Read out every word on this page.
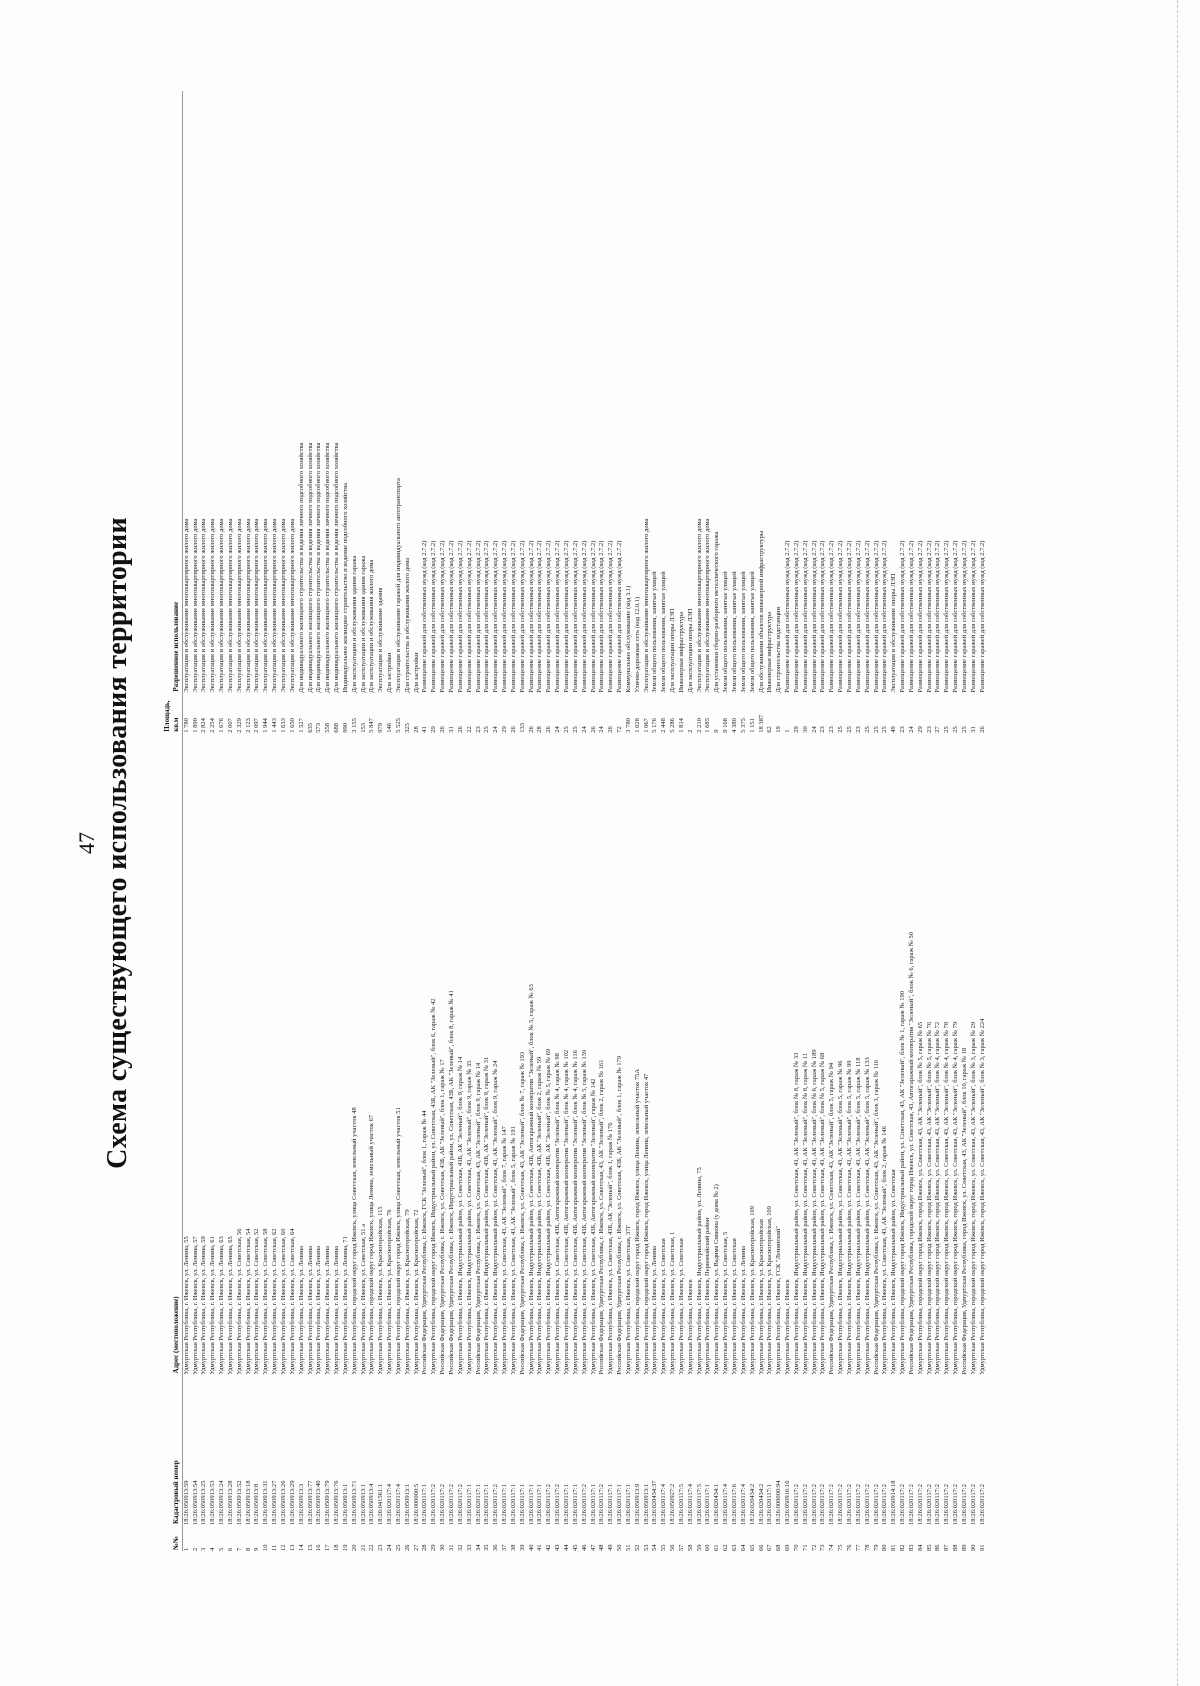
47 Схема существующего использования территории
№№	Кадастровый номер	Адрес (местоположение)	Площадь, кв.м	Разрешенное использование
1	18:26:050913:59	Удмуртская Республика, г. Ижевск, ул. Ленина, 55	1 780	Эксплуатация и обслуживание многоквартирного жилого дома
2	18:26:050913:54	Удмуртская Республика, г. Ижевск, ул. Ленина, 57	1 890	Эксплуатация и обслуживание многоквартирного жилого дома
3	18:26:050913:25	Удмуртская Республика, г. Ижевск, ул. Ленина, 59	2 824	Эксплуатация и обслуживание многоквартирного жилого дома
4	18:26:050913:53	Удмуртская Республика, г. Ижевск, ул. Ленина, 61	2 254	Эксплуатация и обслуживание многоквартирного жилого дома
5	18:26:050913:24	Удмуртская Республика, г. Ижевск, ул. Ленина, 63	1 676	Эксплуатация и обслуживание многоквартирного жилого дома
6	18:26:050913:28	Удмуртская Республика, г. Ижевск, ул. Ленина, 65	2 007	Эксплуатация и обслуживание многоквартирного жилого дома
7	18:26:050913:52	Удмуртская Республика, г. Ижевск, ул. Советская, 56	2 329	Эксплуатация и обслуживание многоквартирного жилого дома
8	18:26:050913:18	Удмуртская Республика, г. Ижевск, ул. Советская, 54	2 123	Эксплуатация и обслуживание многоквартирного жилого дома
9	18:26:050913:8	Удмуртская Республика, г. Ижевск, ул. Советская, 52	2 097	Эксплуатация и обслуживание многоквартирного жилого дома
10	18:26:050913:31	Удмуртская Республика, г. Ижевск, ул. Советская, 58	1 944	Эксплуатация и обслуживание многоквартирного жилого дома
11	18:26:050913:27	Удмуртская Республика, г. Ижевск, ул. Советская, 62	1 443	Эксплуатация и обслуживание многоквартирного жилого дома
12	18:26:050913:26	Удмуртская Республика, г. Ижевск, ул. Советская, 60	1 633	Эксплуатация и обслуживание многоквартирного жилого дома
13	18:26:050913:29	Удмуртская Республика, г. Ижевск, ул. Советская, 64	1 650	Эксплуатация и обслуживание многоквартирного жилого дома
14	18:26:050913:3	Удмуртская Республика, г. Ижевск, ул. Ленина	1 527	Для индивидуального жилищного строительства и ведения личного подсобного хозяйства
15	18:26:050913:77	Удмуртская Республика, г. Ижевск, ул. Ленина	635	Для индивидуального жилищного строительства и ведения личного подсобного хозяйства
16	18:26:050913:40	Удмуртская Республика, г. Ижевск, ул. Ленина	573	Для индивидуального жилищного строительства и ведения личного подсобного хозяйства
17	18:26:050913:79	Удмуртская Республика, г. Ижевск, ул. Ленина	558	Для индивидуального жилищного строительства и ведения личного подсобного хозяйства
18	18:26:050913:76	Удмуртская Республика, г. Ижевск, ул. Ленина	688	Для индивидуального жилищного строительства и ведения личного подсобного хозяйства
19	18:26:050913:1	Удмуртская Республика, г. Ижевск, ул. Ленина, 71	990	Индивидуальное жилищное строительство и ведение подсобного хозяйства
20	18:26:050913:71	Удмуртская Республика, городской округ город Ижевск, улица Советская, земельный участок 48	3 155	Для эксплуатации и обслуживания здания гаража
21	18:26:050913:1	Удмуртская Республика, г. Ижевск, ул. Советская, 51 а	153	Для эксплуатации и обслуживания здания гаража
22	18:26:050913:4	Удмуртская Республика, городской округ город Ижевск, улица Ленина, земельный участок 67	5 847	Для эксплуатации и обслуживания жилого дома
23	18:26:041561:1	Удмуртская Республика, г. Ижевск, ул. Красногеройская, 115	979	Эксплуатация и обслуживание здания
24	18:26:020117:4	Удмуртская Республика, г. Ижевск, ул. Красногеройская, 76	146	Для застройки
25	18:26:020117:4	Удмуртская Республика, городской округ город Ижевск, улица Советская, земельный участок 51	5 525	Эксплуатация и обслуживание гаражей для индивидуального автотранспорта
26	18:26:050913:1	Удмуртская Республика, г. Ижевск, ул. Красногеройская, 79	325	Для строительства и обслуживания жилого дома
27	18:26:000000:5	Удмуртская Республика, г. Ижевск, ул. Красногеройская, 72	28	Для застройки
28	18:26:020117:1	Российская Федерация, Удмуртская Республика, г. Ижевск, ГСК "Зеленый", блок 1, гараж № 44	41	Размещение гаражей для собственных нужд (код 2.7.2)
29	18:26:020117:2	Удмуртская Республика, городской округ город Ижевск, Индустриальный район, ул. Советская, 43Б, АК "Зеленый", блок 6, гараж № 42	29	Размещение гаражей для собственных нужд (код 2.7.2)
30	18:26:020117:2	Российская Федерация, Удмуртская Республика, г. Ижевск, ул. Советская, 43Б, АК "Зеленый", блок 1, гараж № 17	26	Размещение гаражей для собственных нужд (код 2.7.2)
31	18:26:020117:2	Российская Федерация, Удмуртская Республика, г. Ижевск, Индустриальный район, ул. Советская, 43Б, АК "Зеленый", блок 8, гараж № 41	31	Размещение гаражей для собственных нужд (код 2.7.2)
32	18:26:020117:2	Удмуртская Республика, г. Ижевск, Индустриальный район, ул. Советская, 43Б, АК "Зеленый", блок 9, гараж № 14	26	Размещение гаражей для собственных нужд (код 2.7.2)
33	18:26:020117:1	Удмуртская Республика, г. Ижевск, Индустриальный район, ул. Советская, 43, АК "Зеленый", блок 9, гараж № 35	22	Размещение гаражей для собственных нужд (код 2.7.2)
34	18:26:020117:1	Российская Федерация, Удмуртская Республика, г. Ижевск, ул. Советская, 43, АК "Зеленый", блок 9, гараж № 14	23	Размещение гаражей для собственных нужд (код 2.7.2)
35	18:26:020117:1	Удмуртская Республика, г. Ижевск, Индустриальный район, ул. Советская, 43Б, АК "Зеленый", блок 9, гараж № 31	25	Размещение гаражей для собственных нужд (код 2.7.2)
36	18:26:020117:2	Удмуртская Республика, г. Ижевск, Индустриальный район, ул. Советская, 43, АК "Зеленый", блок 9, гараж № 24	24	Размещение гаражей для собственных нужд (код 2.7.2)
37	18:26:020117:1	Удмуртская Республика, г. Ижевск, ул. Советская, 43, АК "Зеленый", блок 7, гараж № 147	29	Размещение гаражей для собственных нужд (код 2.7.2)
38	18:26:020117:1	Удмуртская Республика, г. Ижевск, ул. Советская, 43, АК "Зеленый", блок 5, гараж № 191	26	Размещение гаражей для собственных нужд (код 2.7.2)
39	18:26:020117:1	Российская Федерация, Удмуртская Республика, г. Ижевск, ул. Советская, 43, АК "Зеленый", блок № 7, гараж № 193	133	Размещение гаражей для собственных нужд (код 2.7.2)
40	18:26:020117:1	Удмуртская Республика, г. Ижевск, Индустриальный район, ул. Советская, 43Б, Автогаражный кооператив "Зеленый", блок № 5, гараж № 63	26	Размещение гаражей для собственных нужд (код 2.7.2)
41	18:26:020117:1	Удмуртская Республика, г. Ижевск, Индустриальный район, ул. Советская, 43Б, АК "Зеленый", блок 2, гараж № 59	28	Размещение гаражей для собственных нужд (код 2.7.2)
42	18:26:020117:2	Удмуртская Республика, г. Ижевск, Индустриальный район, ул. Советская, 43Б, АК "Зеленый", блок № 5, гараж № 69	26	Размещение гаражей для собственных нужд (код 2.7.2)
43	18:26:020117:2	Удмуртская Республика, г. Ижевск, ул. Советская, 43Б, Автогаражный кооператив "Зеленый", блок № 4, гараж № 98	24	Размещение гаражей для собственных нужд (код 2.7.2)
44	18:26:020117:1	Удмуртская Республика, г. Ижевск, ул. Советская, 43Б, Автогаражный кооператив "Зеленый", блок № 4, гараж № 102	25	Размещение гаражей для собственных нужд (код 2.7.2)
45	18:26:020117:1	Удмуртская Республика, г. Ижевск, ул. Советская, 43Б, Автогаражный кооператив "Зеленый", блок № 4, гараж № 116	25	Размещение гаражей для собственных нужд (код 2.7.2)
46	18:26:020117:2	Удмуртская Республика, г. Ижевск, ул. Советская, 43Б, Автогаражный кооператив "Зеленый", блок № 5, гараж № 139	24	Размещение гаражей для собственных нужд (код 2.7.2)
47	18:26:020117:1	Удмуртская Республика, г. Ижевск, ул. Советская, 43Б, Автогаражный кооператив "Зеленый", гараж № 142	26	Размещение гаражей для собственных нужд (код 2.7.2)
48	18:26:020117:2	Российская Федерация, Удмуртская Республика, г. Ижевск, ул. Советская, 43, АК "Зеленый", блок 2, гараж № 161	24	Размещение гаражей для собственных нужд (код 2.7.2)
49	18:26:020117:1	Удмуртская Республика, г. Ижевск, ул. Советская, 43Б, АК "Зеленый", блок 1, гараж № 176	26	Размещение гаражей для собственных нужд (код 2.7.2)
50	18:26:020117:1	Российская Федерация, Удмуртская Республика, г. Ижевск, ул. Советская, 43Б, АК "Зеленый", блок 1, гараж № 179	72	Размещение гаражей для собственных нужд (код 2.7.2)
51	18:26:020117:1	Удмуртская Республика, г. Ижевск, ул. Советская, 37Г	3 780	Коммунальное обслуживание (код 3.1)
52	18:26:050913:9	Удмуртская Республика, городской округ город Ижевск, город Ижевск, улица Ленина, земельный участок 75А	1 028	Улично-дорожная сеть (код 12.0.1)
53	18:26:050913:1	Удмуртская Республика, городской округ город Ижевск, город Ижевск, улица Ленина, земельный участок 47	1 067	Эксплуатация и обслуживание многоквартирного жилого дома
54	18:26:020434:37	Удмуртская Республика, г. Ижевск, ул. Ленина	5 176	Земли общего пользования, занятые улицей
55	18:26:020117:4	Удмуртская Республика, г. Ижевск, ул. Советская	2 448	Земли общего пользования, занятые улицей
56	18:26:050927:2	Удмуртская Республика, г. Ижевск, ул. Советская, 1	5 286	Для эксплуатации опоры ЛЭП
57	18:26:020117:5	Удмуртская Республика, г. Ижевск, ул. Советская	1 814	Инженерная инфраструктура
58	18:26:020117:4	Удмуртская Республика, г. Ижевск	2	Для эксплуатации опоры ЛЭП
59	18:26:020117:5	Удмуртская Республика, г. Ижевск, Индустриальный район, ул. Ленина, 75	2 210	Эксплуатация и обслуживание многоквартирного жилого дома
60	18:26:020117:1	Удмуртская Республика, г. Ижевск, Первомайский район	1 685	Эксплуатация и обслуживание многоквартирного жилого дома
61	18:26:020434:1	Удмуртская Республика, г. Ижевск, ул. Вадима Сивкова (у дома № 2)	9	Для установки сборно-разборного металлического гаража
62	18:26:020117:4	Удмуртская Республика, г. Ижевск, ул. Советская, 5	9 168	Земли общего пользования, занятые улицей
63	18:26:020117:6	Удмуртская Республика, г. Ижевск, ул. Советская	4 380	Земли общего пользования, занятые улицей
64	18:26:020117:4	Удмуртская Республика, г. Ижевск, ул. Ленина	5 375	Земли общего пользования, занятые улицей
65	18:26:020434:2	Удмуртская Республика, г. Ижевск, ул. Красногеройская, 109	1 151	Земли общего пользования, занятые улицей
66	18:26:020434:2	Удмуртская Республика, г. Ижевск, ул. Красногеройская	18 387	Для обслуживания объектов инженерной инфраструктуры
67	18:26:020117:1	Удмуртская Республика, г. Ижевск, ул. Красногеройская, 109	62	Инженерная инфраструктура
68	18:26:000000:94	Удмуртская Республика, г. Ижевск, ГСК "Ленинский"	19	Для строительства подстанции
69	18:26:050916:16	Удмуртская Республика, г. Ижевск	1	Размещение гаражей для собственных нужд (код 2.7.2)
70	18:26:020117:2	Удмуртская Республика, г. Ижевск, Индустриальный район, ул. Советская, 43, АК "Зеленый", блок № 8, гараж № 33	29	Размещение гаражей для собственных нужд (код 2.7.2)
71	18:26:020117:2	Удмуртская Республика, г. Ижевск, Индустриальный район, ул. Советская, 43, АК "Зеленый", блок № 8, гараж № 11	30	Размещение гаражей для собственных нужд (код 2.7.2)
72	18:26:020117:2	Удмуртская Республика, г. Ижевск, Индустриальный район, ул. Советская, 43, АК "Зеленый", блок № 6, гараж № 189	24	Размещение гаражей для собственных нужд (код 2.7.2)
73	18:26:020117:2	Удмуртская Республика, г. Ижевск, Индустриальный район, ул. Советская, 43, АК "Зеленый", блок № 5, гараж № 68	23	Размещение гаражей для собственных нужд (код 2.7.2)
74	18:26:020117:2	Российская Федерация, Удмуртская Республика, г. Ижевск, ул. Советская, 43, АК "Зеленый", блок 5, гараж № 94	23	Размещение гаражей для собственных нужд (код 2.7.2)
75	18:26:020117:2	Удмуртская Республика, г. Ижевск, Индустриальный район, ул. Советская, 43, АК "Зеленый", блок 5, гараж № 96	25	Размещение гаражей для собственных нужд (код 2.7.2)
76	18:26:020117:2	Удмуртская Республика, г. Ижевск, Индустриальный район, ул. Советская, 43, АК "Зеленый", блок 5, гараж № 99	25	Размещение гаражей для собственных нужд (код 2.7.2)
77	18:26:020117:2	Удмуртская Республика, г. Ижевск, Индустриальный район, ул. Советская, 43, АК "Зеленый", блок 5, гараж № 118	23	Размещение гаражей для собственных нужд (код 2.7.2)
78	18:26:020117:2	Удмуртская Республика, г. Ижевск, Индустриальный район, ул. Советская, 43, АК "Зеленый", блок 5, гараж № 133	25	Размещение гаражей для собственных нужд (код 2.7.2)
79	18:26:020117:2	Российская Федерация, Удмуртская Республика, г. Ижевск, ул. Советская, 43, АК "Зеленый", блок 3, гараж № 116	25	Размещение гаражей для собственных нужд (код 2.7.2)
80	18:26:020117:2	Удмуртская Республика, г. Ижевск, ул. Советская, 43, АК "Зеленый", блок 2, гараж № 146	25	Размещение гаражей для собственных нужд (код 2.7.2)
81	18:26:050914:18	Удмуртская Республика, г. Ижевск, Индустриальный район, ул. Советская	49	Эксплуатация и обслуживание опоры ЛЭП
82	18:26:020117:2	Удмуртская Республика, городской округ город Ижевск, Индустриальный район, ул. Советская, 43, АК "Зеленый", блок № 1, гараж № 190	23	Размещение гаражей для собственных нужд (код 2.7.2)
83	18:26:020117:2	Российская Федерация, Удмуртская Республика, городской округ город Ижевск, ул. Советская, 43, Автогаражный кооператив "Зеленый", блок № 6, гараж № 50	24	Размещение гаражей для собственных нужд (код 2.7.2)
84	18:26:020117:2	Удмуртская Республика, городской округ город Ижевск, город Ижевск, ул. Советская, 43, АК "Зеленый", блок № 5, гараж № 65	29	Размещение гаражей для собственных нужд (код 2.7.2)
85	18:26:020117:2	Удмуртская Республика, городской округ город Ижевск, город Ижевск, ул. Советская, 43, АК "Зеленый", блок № 5, гараж № 76	23	Размещение гаражей для собственных нужд (код 2.7.2)
86	18:26:020117:2	Удмуртская Республика, городской округ город Ижевск, город Ижевск, ул. Советская, 43, АК "Зеленый", блок № 4, гараж № 72	27	Размещение гаражей для собственных нужд (код 2.7.2)
87	18:26:020117:2	Удмуртская Республика, городской округ город Ижевск, город Ижевск, ул. Советская, 43, АК "Зеленый", блок № 4, гараж № 78	25	Размещение гаражей для собственных нужд (код 2.7.2)
88	18:26:020117:2	Удмуртская Республика, городской округ город Ижевск, город Ижевск, ул. Советская, 43, АК "Зеленый", блок № 4, гараж № 79	25	Размещение гаражей для собственных нужд (код 2.7.2)
89	18:26:020117:2	Российская Федерация, Удмуртская Республика, город Ижевск, ул. Советская, 43, АК "Зеленый", блок 10, гараж № 18	25	Размещение гаражей для собственных нужд (код 2.7.2)
90	18:26:020117:2	Удмуртская Республика, городской округ город Ижевск, город Ижевск, ул. Советская, 43, АК "Зеленый", блок № 3, гараж № 29	31	Размещение гаражей для собственных нужд (код 2.7.2)
91	18:26:020117:2	Удмуртская Республика, городской округ город Ижевск, город Ижевск, ул. Советская, 43, АК "Зеленый", блок № 3, гараж № 224	26	Размещение гаражей для собственных нужд (код 2.7.2)
